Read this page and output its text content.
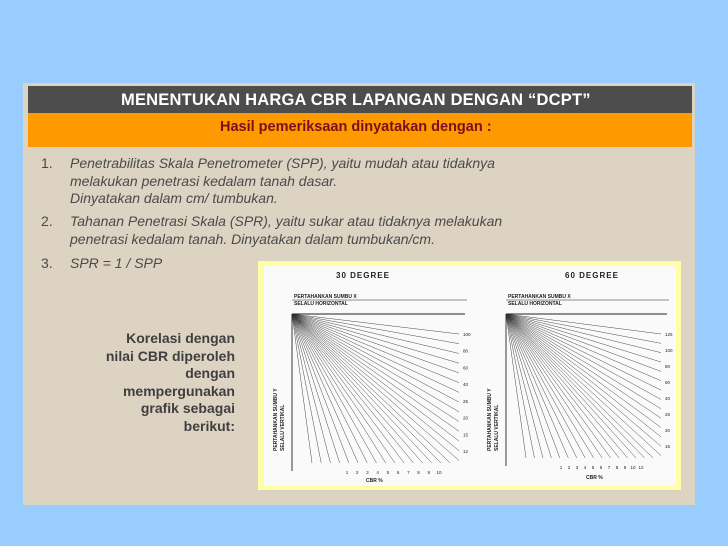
MENENTUKAN HARGA CBR LAPANGAN DENGAN “DCPT”
Hasil pemeriksaan dinyatakan dengan :
1. Penetrabilitas Skala Penetrometer (SPP), yaitu mudah atau tidaknya
melakukan penetrasi kedalam tanah dasar.
Dinyatakan dalam cm/ tumbukan.
2. Tahanan Penetrasi Skala (SPR), yaitu sukar atau tidaknya melakukan
penetrasi kedalam tanah. Dinyatakan dalam tumbukan/cm.
3. SPR = 1 / SPP
Korelasi dengan
nilai CBR diperoleh
dengan
mempergunakan
grafik sebagai
berikut:
30 DEGREE
PERTAHANKAN SUMBU X
SELALU HORIZONTAL
PERTAHANKAN SUMBU Y SELALU VERTIKAL
CBR %
1 2 3 4 5 6 7 8 9 10
100
80
60
40
25
20
15
12
60 DEGREE
PERTAHANKAN SUMBU X
SELALU HORIZONTAL
PERTAHANKAN SUMBU Y SELALU VERTIKAL
CBR %
1 2 3 4 5 6 7 8 9 10 12
125
100
80
60
40
25
20
15
